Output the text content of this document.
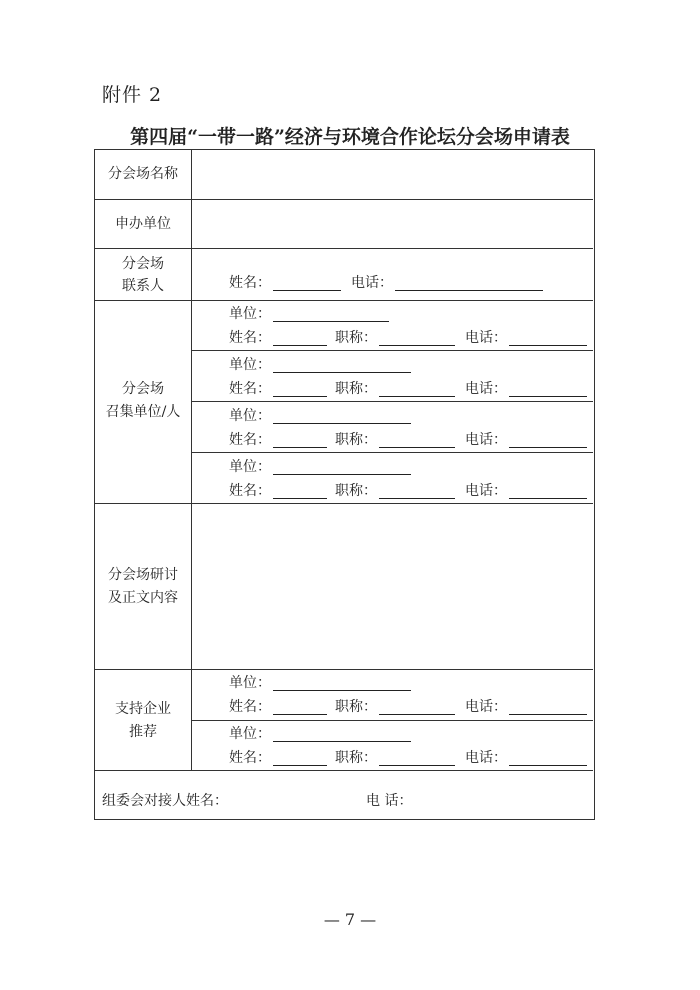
附件 2
第四届“一带一路”经济与环境合作论坛分会场申请表
分会场名称
申办单位
分会场
联系人	姓名：	电话：
分会场
召集单位/人
单位：
姓名：	职称：	电话：
单位：
姓名：	职称：	电话：
单位：
姓名：	职称：	电话：
单位：
姓名：	职称：	电话：
分会场研讨
及正文内容
支持企业
推荐
单位：
姓名：	职称：	电话：
单位：
姓名：	职称：	电话：
组委会对接人姓名：	电 话：
— 7 —
